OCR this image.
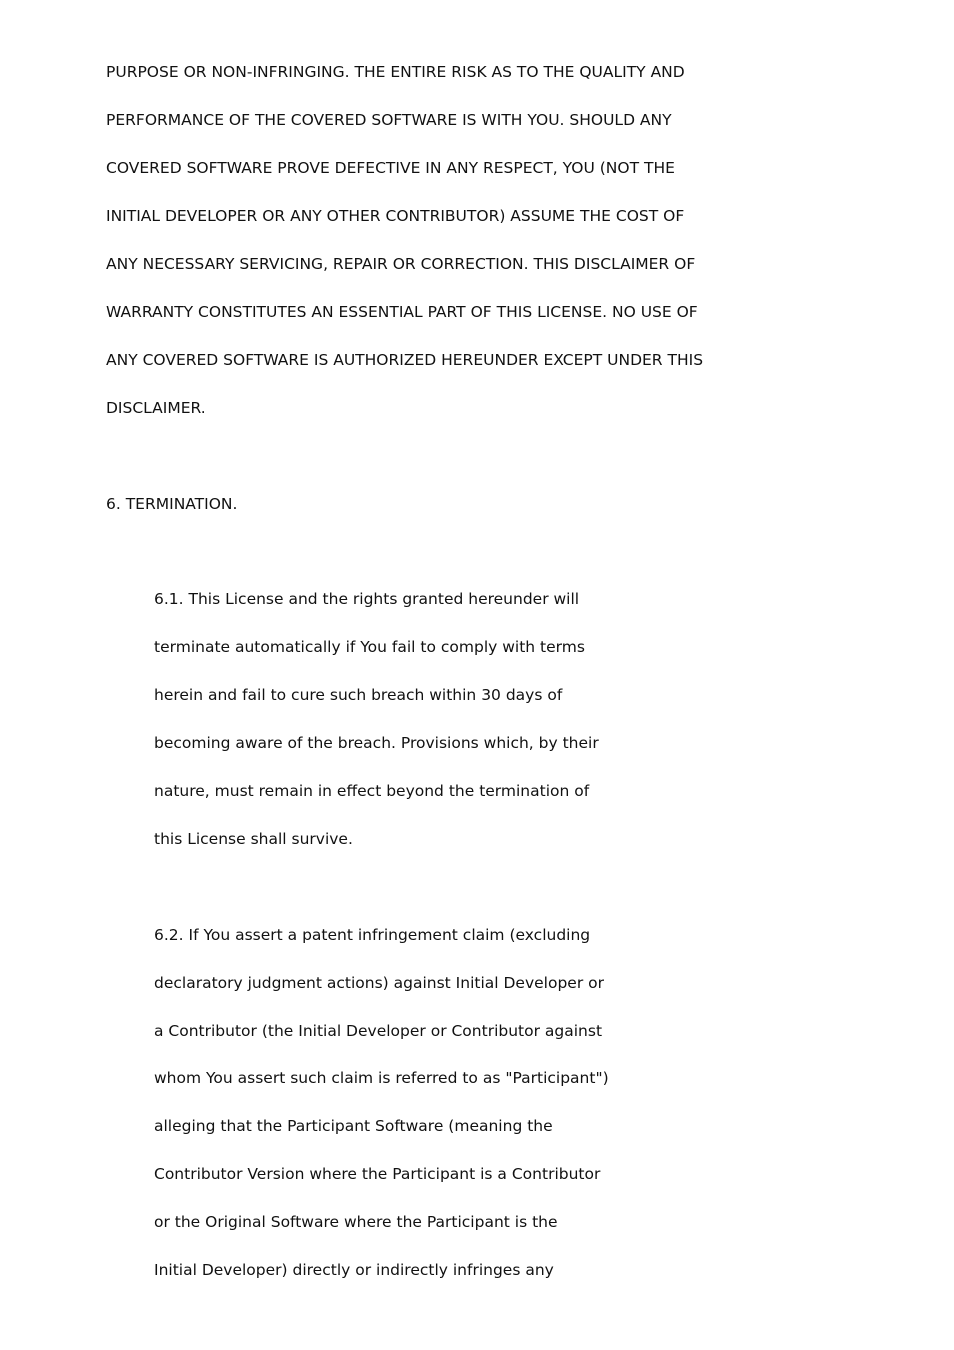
PURPOSE OR NON-INFRINGING. THE ENTIRE RISK AS TO THE QUALITY AND
PERFORMANCE OF THE COVERED SOFTWARE IS WITH YOU. SHOULD ANY
COVERED SOFTWARE PROVE DEFECTIVE IN ANY RESPECT, YOU (NOT THE
INITIAL DEVELOPER OR ANY OTHER CONTRIBUTOR) ASSUME THE COST OF
ANY NECESSARY SERVICING, REPAIR OR CORRECTION. THIS DISCLAIMER OF
WARRANTY CONSTITUTES AN ESSENTIAL PART OF THIS LICENSE. NO USE OF
ANY COVERED SOFTWARE IS AUTHORIZED HEREUNDER EXCEPT UNDER THIS
DISCLAIMER.
6. TERMINATION.
6.1. This License and the rights granted hereunder will
terminate automatically if You fail to comply with terms
herein and fail to cure such breach within 30 days of
becoming aware of the breach. Provisions which, by their
nature, must remain in effect beyond the termination of
this License shall survive.
6.2. If You assert a patent infringement claim (excluding
declaratory judgment actions) against Initial Developer or
a Contributor (the Initial Developer or Contributor against
whom You assert such claim is referred to as "Participant")
alleging that the Participant Software (meaning the
Contributor Version where the Participant is a Contributor
or the Original Software where the Participant is the
Initial Developer) directly or indirectly infringes any
